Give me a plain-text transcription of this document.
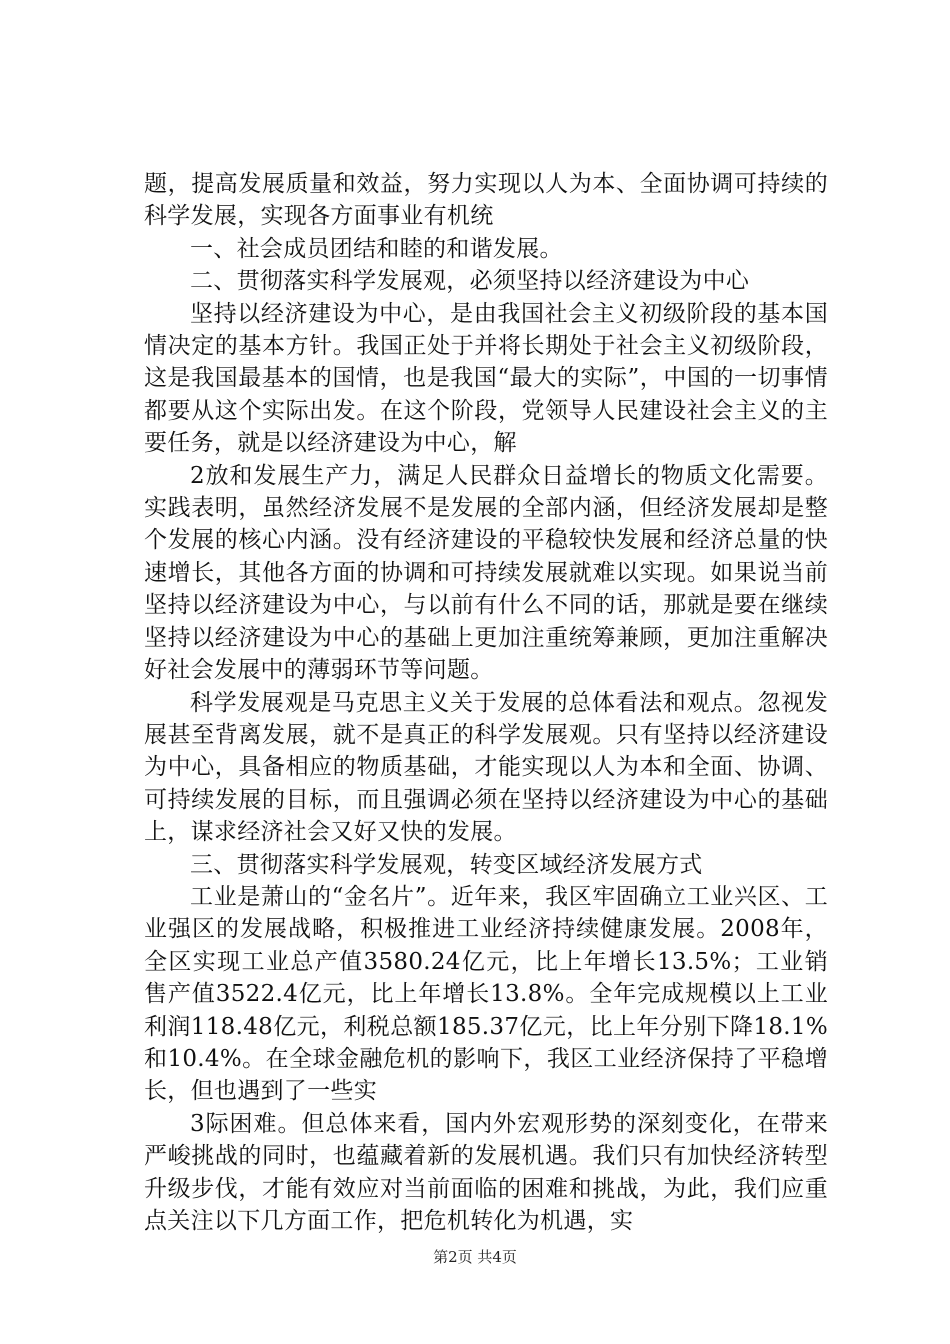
题，提高发展质量和效益，努力实现以人为本、全面协调可持续的科学发展，实现各方面事业有机统

一、社会成员团结和睦的和谐发展。

二、贯彻落实科学发展观，必须坚持以经济建设为中心

坚持以经济建设为中心，是由我国社会主义初级阶段的基本国情决定的基本方针。我国正处于并将长期处于社会主义初级阶段，这是我国最基本的国情，也是我国“最大的实际”，中国的一切事情都要从这个实际出发。在这个阶段，党领导人民建设社会主义的主要任务，就是以经济建设为中心，解

2放和发展生产力，满足人民群众日益增长的物质文化需要。实践表明，虽然经济发展不是发展的全部内涵，但经济发展却是整个发展的核心内涵。没有经济建设的平稳较快发展和经济总量的快速增长，其他各方面的协调和可持续发展就难以实现。如果说当前坚持以经济建设为中心，与以前有什么不同的话，那就是要在继续坚持以经济建设为中心的基础上更加注重统筹兼顾，更加注重解决好社会发展中的薄弱环节等问题。

科学发展观是马克思主义关于发展的总体看法和观点。忽视发展甚至背离发展，就不是真正的科学发展观。只有坚持以经济建设为中心，具备相应的物质基础，才能实现以人为本和全面、协调、可持续发展的目标，而且强调必须在坚持以经济建设为中心的基础上，谋求经济社会又好又快的发展。

三、贯彻落实科学发展观，转变区域经济发展方式

工业是萧山的“金名片”。近年来，我区牢固确立工业兴区、工业强区的发展战略，积极推进工业经济持续健康发展。2008年，全区实现工业总产值3580.24亿元，比上年增长13.5%；工业销售产值3522.4亿元，比上年增长13.8%。全年完成规模以上工业利润118.48亿元，利税总额185.37亿元，比上年分别下降18.1%和10.4%。在全球金融危机的影响下，我区工业经济保持了平稳增长，但也遇到了一些实

3际困难。但总体来看，国内外宏观形势的深刻变化，在带来严峻挑战的同时，也蕴藏着新的发展机遇。我们只有加快经济转型升级步伐，才能有效应对当前面临的困难和挑战，为此，我们应重点关注以下几方面工作，把危机转化为机遇，实

第2页 共4页
